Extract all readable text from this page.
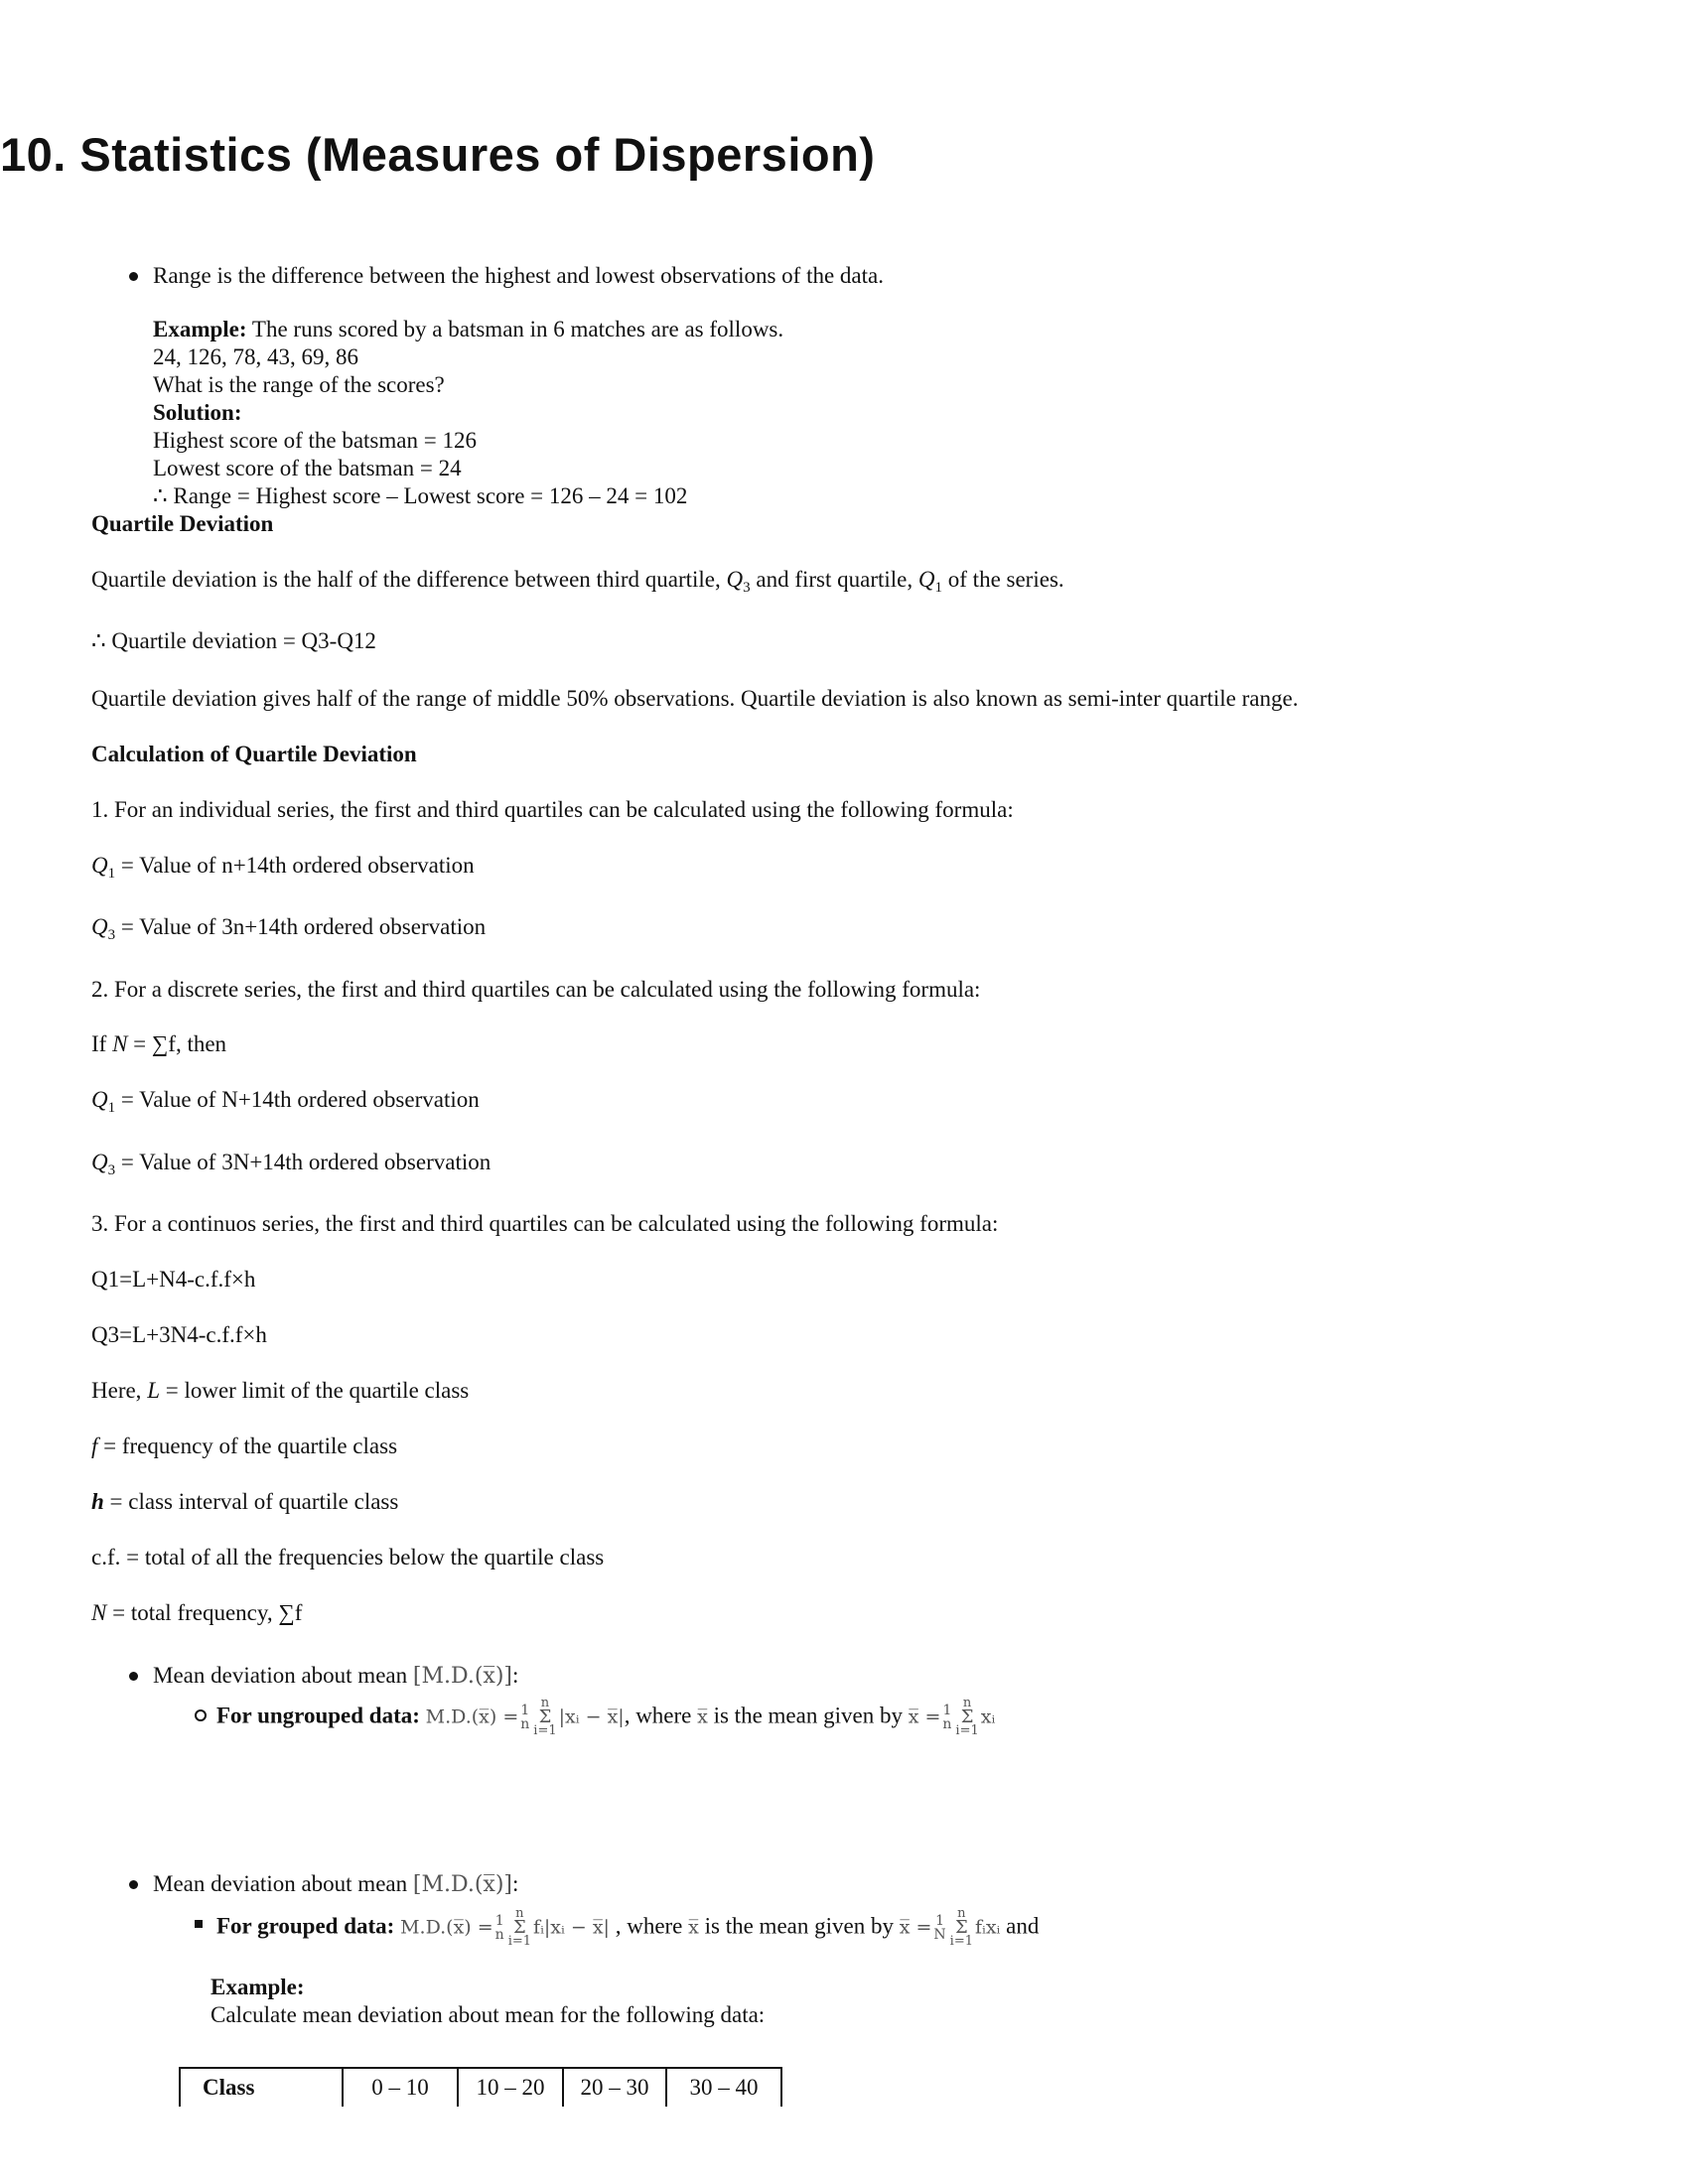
10. Statistics (Measures of Dispersion)
Range is the difference between the highest and lowest observations of the data.
Example: The runs scored by a batsman in 6 matches are as follows.
24, 126, 78, 43, 69, 86
What is the range of the scores?
Solution:
Highest score of the batsman = 126
Lowest score of the batsman = 24
∴ Range = Highest score – Lowest score = 126 – 24 = 102
Quartile Deviation
Quartile deviation is the half of the difference between third quartile, $Q_3$ and first quartile, $Q_1$ of the series.
∴ Quartile deviation = Q3-Q12
Quartile deviation gives half of the range of middle 50% observations. Quartile deviation is also known as semi-inter quartile range.
Calculation of Quartile Deviation
1. For an individual series, the first and third quartiles can be calculated using the following formula:
$Q_1$ = Value of n+14th ordered observation
$Q_3$ = Value of 3n+14th ordered observation
2. For a discrete series, the first and third quartiles can be calculated using the following formula:
If N = ∑f, then
$Q_1$ = Value of N+14th ordered observation
$Q_3$ = Value of 3N+14th ordered observation
3. For a continuos series, the first and third quartiles can be calculated using the following formula:
Q1=L+N4-c.f.f×h
Q3=L+3N4-c.f.f×h
Here, L = lower limit of the quartile class
f = frequency of the quartile class
h = class interval of quartile class
c.f. = total of all the frequencies below the quartile class
N = total frequency, ∑f
Mean deviation about mean [M.D.(x̅)]:
For ungrouped data: M.D.(x̅) = 1
n
n
Σ
i=1
|xᵢ − x̅|, where x̅ is the mean given by x̅ = 1
n
n
Σ
i=1
xᵢ
Mean deviation about mean [M.D.(x̅)]:
For grouped data: M.D.(x̅) = 1
n
n
Σ
i=1
fᵢ|xᵢ − x̅| , where x̅ is the mean given by x̅ = 1
N
n
Σ
i=1
fᵢxᵢ and
Example:
Calculate mean deviation about mean for the following data:
Class	0 – 10	10 – 20	20 – 30	30 – 40
